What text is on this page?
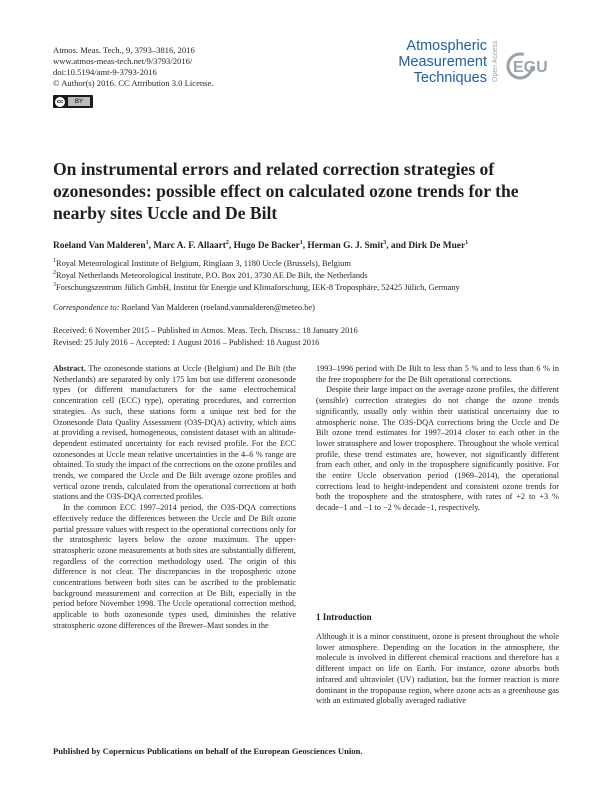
Atmos. Meas. Tech., 9, 3793–3816, 2016
www.atmos-meas-tech.net/9/3793/2016/
doi:10.5194/amt-9-3793-2016
© Author(s) 2016. CC Attribution 3.0 License.
cc	BY
Atmospheric
Measurement
Techniques Open Access EGU
On instrumental errors and related correction strategies of ozonesondes: possible effect on calculated ozone trends for the nearby sites Uccle and De Bilt
Roeland Van Malderen$^1$, Marc A. F. Allaart$^2$, Hugo De Backer$^1$, Herman G. J. Smit$^3$, and Dirk De Muer$^1$
$^1$Royal Meteorological Institute of Belgium, Ringlaan 3, 1180 Uccle (Brussels), Belgium
$^2$Royal Netherlands Meteorological Institute, P.O. Box 201, 3730 AE De Bilt, the Netherlands
$^3$Forschungszentrum Jülich GmbH, Institut für Energie und Klimaforschung, IEK-8 Troposphäre, 52425 Jülich, Germany
Correspondence to: Roeland Van Malderen (roeland.vanmalderen@meteo.be)
Received: 6 November 2015 – Published in Atmos. Meas. Tech. Discuss.: 18 January 2016
Revised: 25 July 2016 – Accepted: 1 August 2016 – Published: 18 August 2016

Abstract. The ozonesonde stations at Uccle (Belgium) and De Bilt (the Netherlands) are separated by only 175 km but use different ozonesonde types (or different manufacturers for the same electrochemical concentration cell (ECC) type), operating procedures, and correction strategies. As such, these stations form a unique test bed for the Ozonesonde Data Quality Assessment (O3S-DQA) activity, which aims at providing a revised, homogeneous, consistent dataset with an altitude-dependent estimated uncertainty for each revised profile. For the ECC ozonesondes at Uccle mean relative uncertainties in the 4–6 % range are obtained. To study the impact of the corrections on the ozone profiles and trends, we compared the Uccle and De Bilt average ozone profiles and vertical ozone trends, calculated from the operational corrections at both stations and the O3S-DQA corrected profiles.

In the common ECC 1997–2014 period, the O3S-DQA corrections effectively reduce the differences between the Uccle and De Bilt ozone partial pressure values with respect to the operational corrections only for the stratospheric layers below the ozone maximum. The upper-stratospheric ozone measurements at both sites are substantially different, regardless of the correction methodology used. The origin of this difference is not clear. The discrepancies in the tropospheric ozone concentrations between both sites can be ascribed to the problematic background measurement and correction at De Bilt, especially in the period before November 1998. The Uccle operational correction method, applicable to both ozonesonde types used, diminishes the relative stratospheric ozone differences of the Brewer–Mast sondes in the

1993–1996 period with De Bilt to less than 5 % and to less than 6 % in the free troposphere for the De Bilt operational corrections.

Despite their large impact on the average ozone profiles, the different (sensible) correction strategies do not change the ozone trends significantly, usually only within their statistical uncertainty due to atmospheric noise. The O3S-DQA corrections bring the Uccle and De Bilt ozone trend estimates for 1997–2014 closer to each other in the lower stratosphere and lower troposphere. Throughout the whole vertical profile, these trend estimates are, however, not significantly different from each other, and only in the troposphere significantly positive. For the entire Uccle observation period (1969–2014), the operational corrections lead to height-independent and consistent ozone trends for both the troposphere and the stratosphere, with rates of +2 to +3 % decade−1 and −1 to −2 % decade−1, respectively.

1 Introduction

Although it is a minor constituent, ozone is present throughout the whole lower atmosphere. Depending on the location in the atmosphere, the molecule is involved in different chemical reactions and therefore has a different impact on life on Earth. For instance, ozone absorbs both infrared and ultraviolet (UV) radiation, but the former reaction is more dominant in the tropopause region, where ozone acts as a greenhouse gas with an estimated globally averaged radiative

Published by Copernicus Publications on behalf of the European Geosciences Union.
